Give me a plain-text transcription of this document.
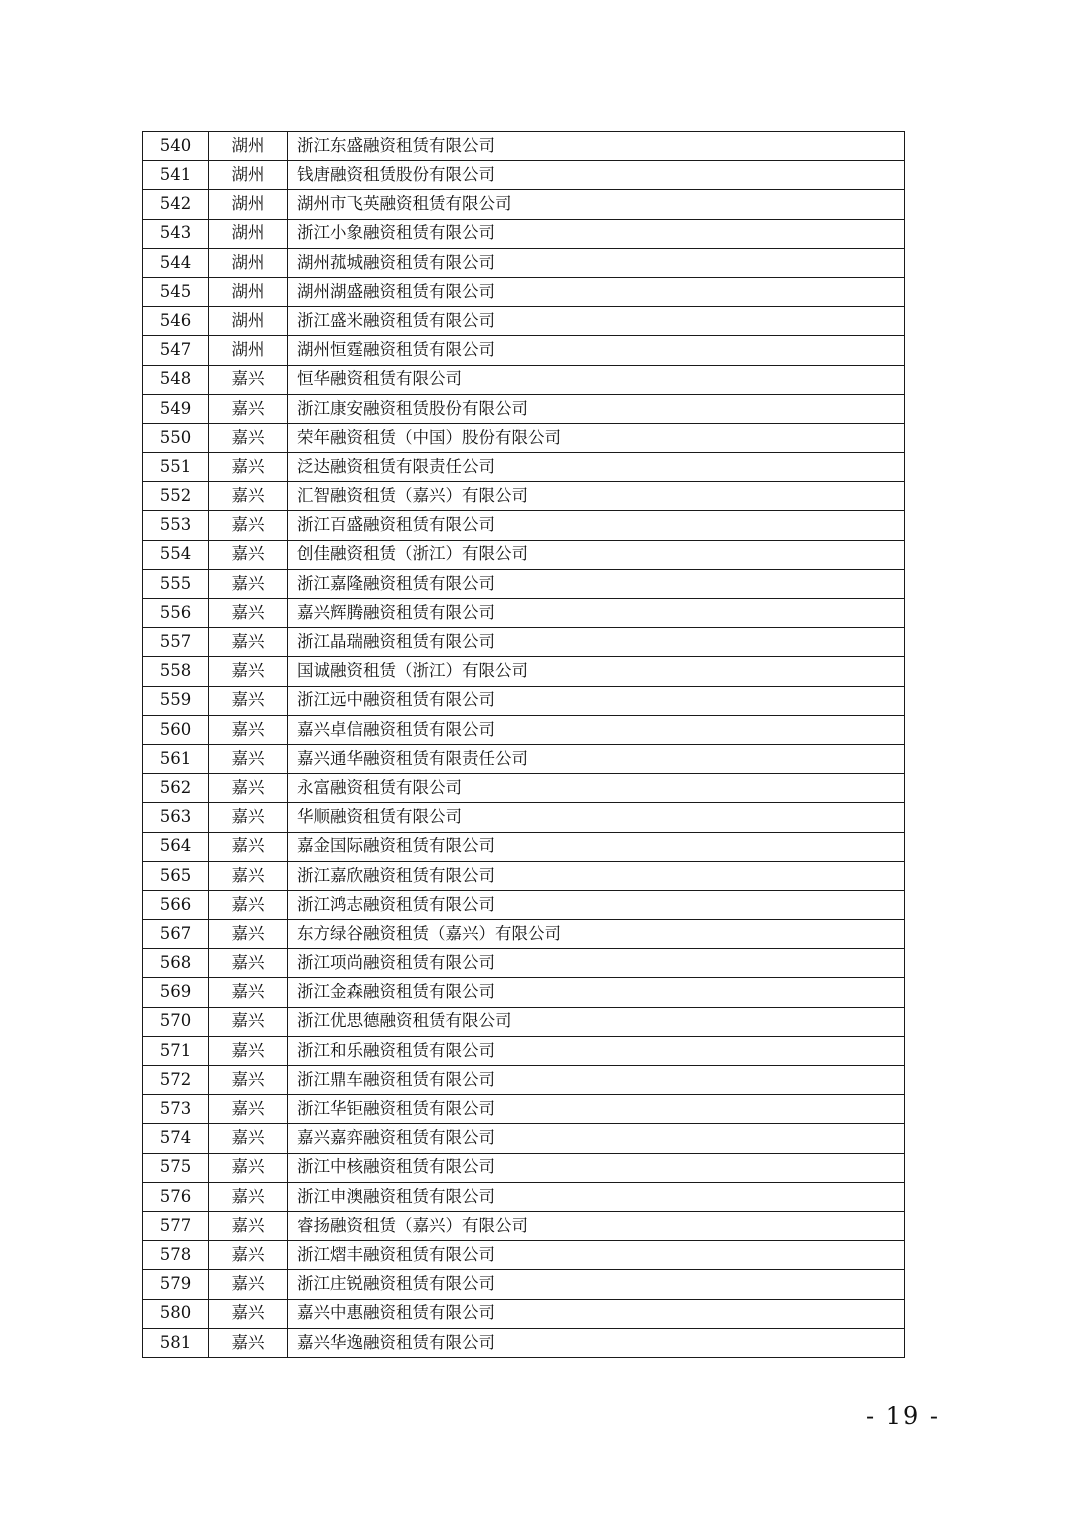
540	湖州	浙江东盛融资租赁有限公司
541	湖州	钱唐融资租赁股份有限公司
542	湖州	湖州市飞英融资租赁有限公司
543	湖州	浙江小象融资租赁有限公司
544	湖州	湖州菰城融资租赁有限公司
545	湖州	湖州湖盛融资租赁有限公司
546	湖州	浙江盛米融资租赁有限公司
547	湖州	湖州恒霆融资租赁有限公司
548	嘉兴	恒华融资租赁有限公司
549	嘉兴	浙江康安融资租赁股份有限公司
550	嘉兴	荣年融资租赁（中国）股份有限公司
551	嘉兴	泛达融资租赁有限责任公司
552	嘉兴	汇智融资租赁（嘉兴）有限公司
553	嘉兴	浙江百盛融资租赁有限公司
554	嘉兴	创佳融资租赁（浙江）有限公司
555	嘉兴	浙江嘉隆融资租赁有限公司
556	嘉兴	嘉兴辉腾融资租赁有限公司
557	嘉兴	浙江晶瑞融资租赁有限公司
558	嘉兴	国诚融资租赁（浙江）有限公司
559	嘉兴	浙江远中融资租赁有限公司
560	嘉兴	嘉兴卓信融资租赁有限公司
561	嘉兴	嘉兴通华融资租赁有限责任公司
562	嘉兴	永富融资租赁有限公司
563	嘉兴	华顺融资租赁有限公司
564	嘉兴	嘉金国际融资租赁有限公司
565	嘉兴	浙江嘉欣融资租赁有限公司
566	嘉兴	浙江鸿志融资租赁有限公司
567	嘉兴	东方绿谷融资租赁（嘉兴）有限公司
568	嘉兴	浙江项尚融资租赁有限公司
569	嘉兴	浙江金森融资租赁有限公司
570	嘉兴	浙江优思德融资租赁有限公司
571	嘉兴	浙江和乐融资租赁有限公司
572	嘉兴	浙江鼎车融资租赁有限公司
573	嘉兴	浙江华钜融资租赁有限公司
574	嘉兴	嘉兴嘉弈融资租赁有限公司
575	嘉兴	浙江中核融资租赁有限公司
576	嘉兴	浙江申澳融资租赁有限公司
577	嘉兴	睿扬融资租赁（嘉兴）有限公司
578	嘉兴	浙江熠丰融资租赁有限公司
579	嘉兴	浙江庄锐融资租赁有限公司
580	嘉兴	嘉兴中惠融资租赁有限公司
581	嘉兴	嘉兴华逸融资租赁有限公司
- 19 -
